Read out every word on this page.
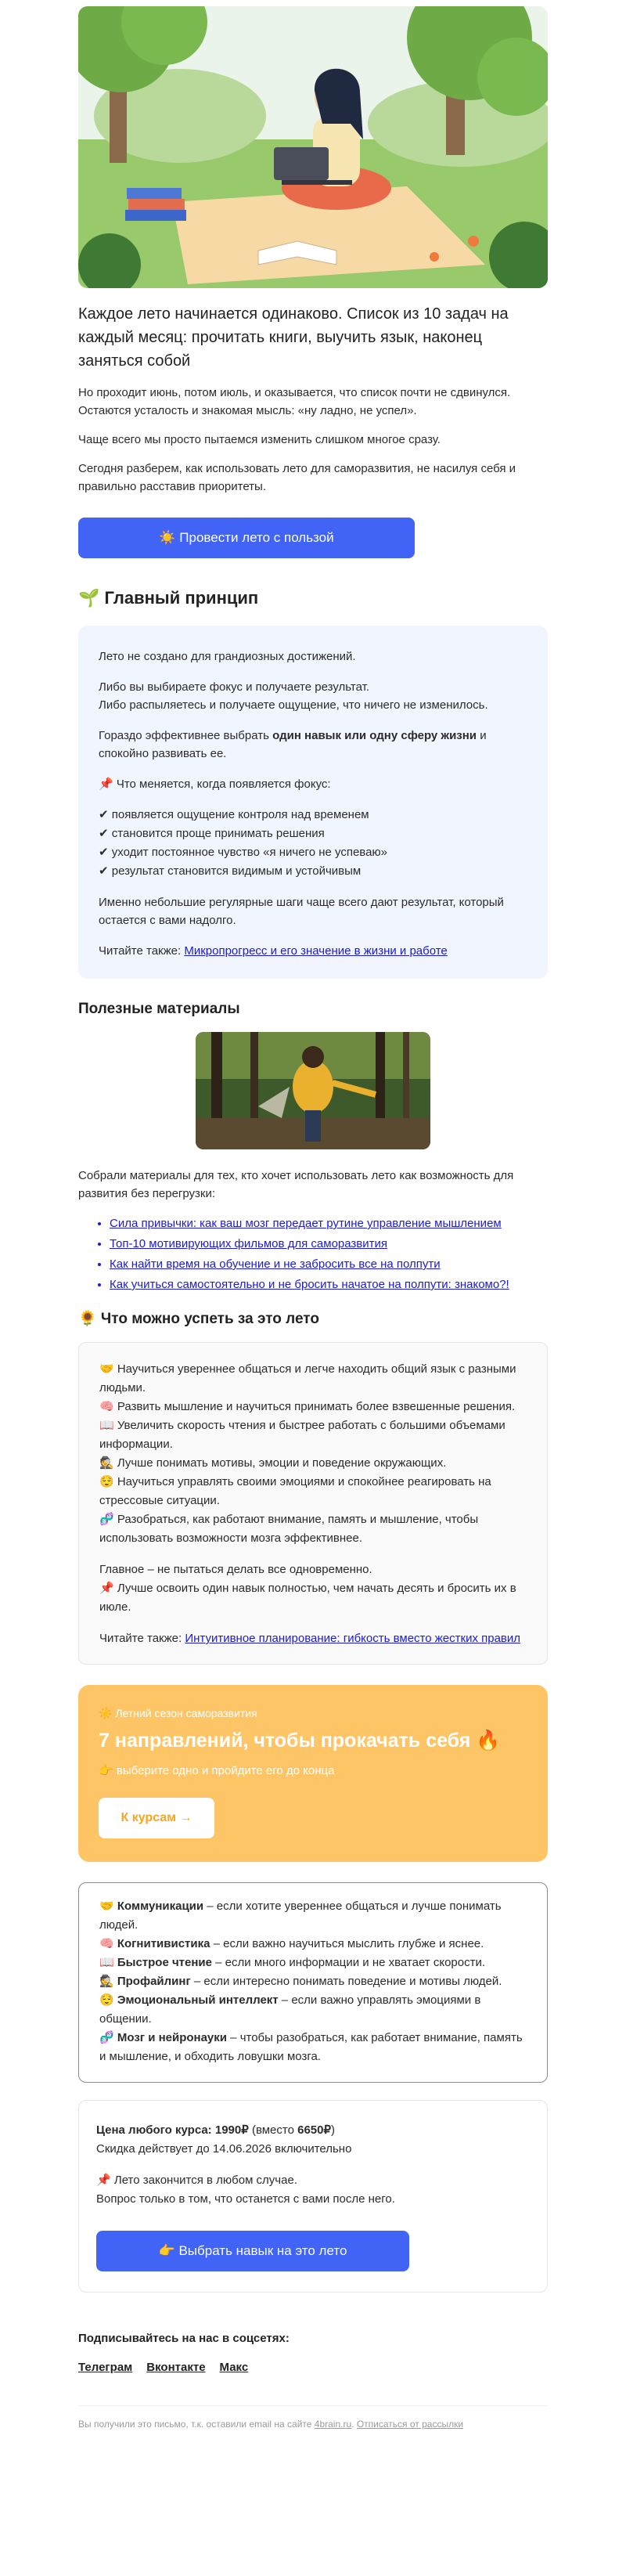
Каждое лето начинается одинаково. Список из 10 задач на каждый месяц: прочитать книги, выучить язык, наконец заняться собой

Но проходит июнь, потом июль, и оказывается, что список почти не сдвинулся. Остаются усталость и знакомая мысль: «ну ладно, не успел».

Чаще всего мы просто пытаемся изменить слишком многое сразу.

Сегодня разберем, как использовать лето для саморазвития, не насилуя себя и правильно расставив приоритеты.

☀️ Провести лето с пользой
🌱 Главный принцип

Лето не создано для грандиозных достижений.

Либо вы выбираете фокус и получаете результат.
Либо распыляетесь и получаете ощущение, что ничего не изменилось.

Гораздо эффективнее выбрать один навык или одну сферу жизни и спокойно развивать ее.

📌 Что меняется, когда появляется фокус:

✔ появляется ощущение контроля над временем
✔ становится проще принимать решения
✔ уходит постоянное чувство «я ничего не успеваю»
✔ результат становится видимым и устойчивым

Именно небольшие регулярные шаги чаще всего дают результат, который остается с вами надолго.

Читайте также: Микропрогресс и его значение в жизни и работе

Полезные материалы

Собрали материалы для тех, кто хочет использовать лето как возможность для развития без перегрузки:

• Сила привычки: как ваш мозг передает рутине управление мышлением
• Топ-10 мотивирующих фильмов для саморазвития
• Как найти время на обучение и не забросить все на полпути
• Как учиться самостоятельно и не бросить начатое на полпути: знакомо?!
🌻 Что можно успеть за это лето
🤝 Научиться увереннее общаться и легче находить общий язык с разными людьми.
🧠 Развить мышление и научиться принимать более взвешенные решения.
📖 Увеличить скорость чтения и быстрее работать с большими объемами информации.
🕵 Лучше понимать мотивы, эмоции и поведение окружающих.
😌 Научиться управлять своими эмоциями и спокойнее реагировать на стрессовые ситуации.
🧬 Разобраться, как работают внимание, память и мышление, чтобы использовать возможности мозга эффективнее.
Главное – не пытаться делать все одновременно.
📌 Лучше освоить один навык полностью, чем начать десять и бросить их в июле.
Читайте также: Интуитивное планирование: гибкость вместо жестких правил
☀️ Летний сезон саморазвития
7 направлений, чтобы прокачать себя 🔥
👉 выберите одно и пройдите его до конца
К курсам →
🤝 Коммуникации – если хотите увереннее общаться и лучше понимать людей.
🧠 Когнитивистика – если важно научиться мыслить глубже и яснее.
📖 Быстрое чтение – если много информации и не хватает скорости.
🕵 Профайлинг – если интересно понимать поведение и мотивы людей.
😌 Эмоциональный интеллект – если важно управлять эмоциями в общении.
🧬 Мозг и нейронауки – чтобы разобраться, как работает внимание, память и мышление, и обходить ловушки мозга.
Цена любого курса: 1990₽ (вместо 6650₽)
Скидка действует до 14.06.2026 включительно
📌 Лето закончится в любом случае.
Вопрос только в том, что останется с вами после него.
👉 Выбрать навык на это лето
Подписывайтесь на нас в соцсетях:
Телеграм Вконтакте Макс
Вы получили это письмо, т.к. оставили email на сайте 4brain.ru. Отписаться от рассылки
